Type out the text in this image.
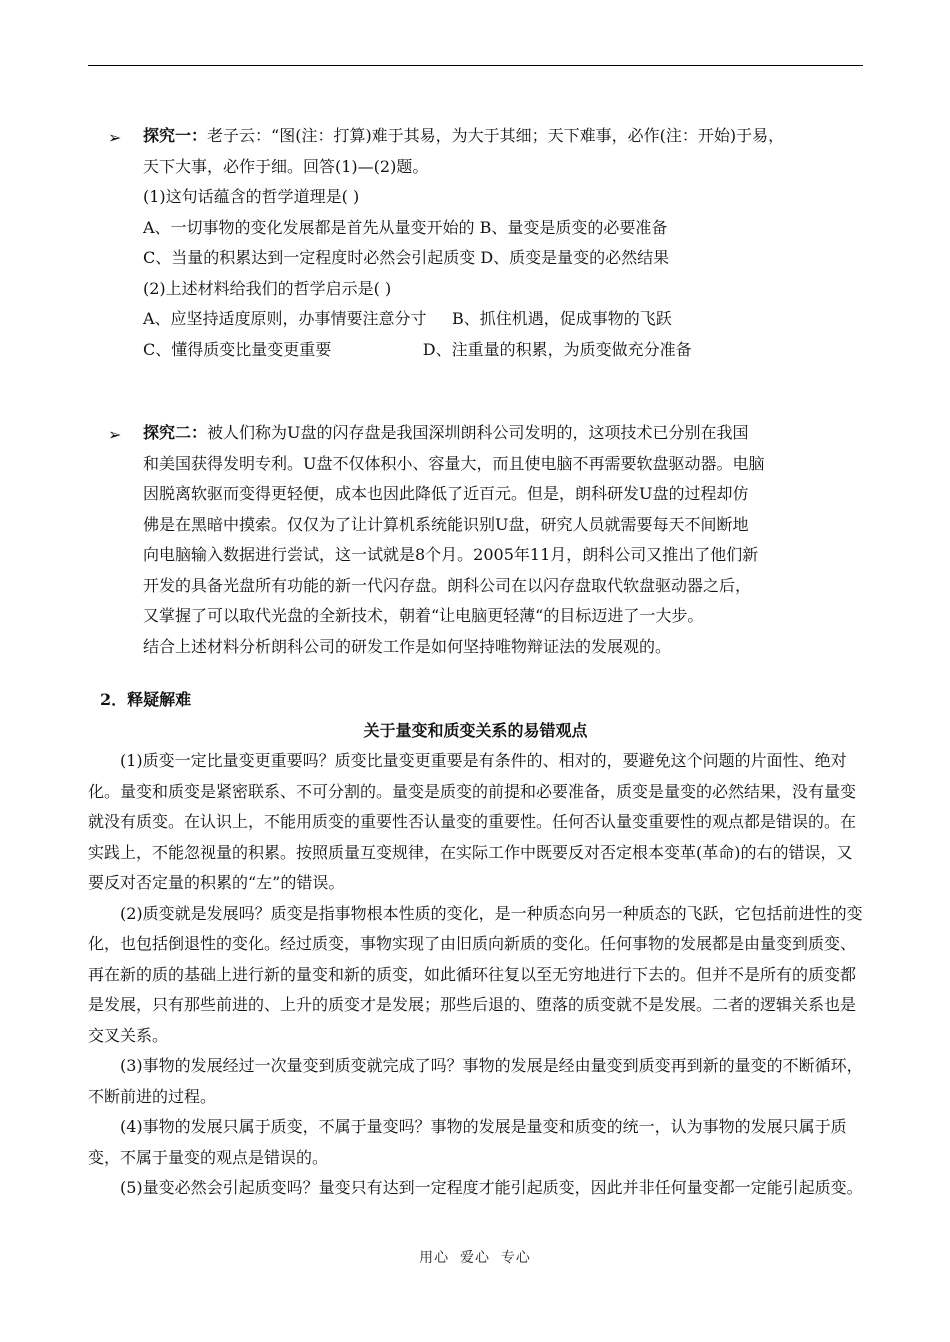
➢ 探究一：老子云：“图(注：打算)难于其易，为大于其细；天下难事，必作(注：开始)于易，
天下大事，必作于细。回答(1)—(2)题。
(1)这句话蕴含的哲学道理是( )
A、一切事物的变化发展都是首先从量变开始的 B、量变是质变的必要准备
C、当量的积累达到一定程度时必然会引起质变 D、质变是量变的必然结果
(2)上述材料给我们的哲学启示是( )
A、应坚持适度原则，办事情要注意分寸     B、抓住机遇，促成事物的飞跃
C、懂得质变比量变更重要                  D、注重量的积累，为质变做充分准备
➢ 探究二：被人们称为U盘的闪存盘是我国深圳朗科公司发明的，这项技术已分别在我国
和美国获得发明专利。U盘不仅体积小、容量大，而且使电脑不再需要软盘驱动器。电脑
因脱离软驱而变得更轻便，成本也因此降低了近百元。但是，朗科研发U盘的过程却仿
佛是在黑暗中摸索。仅仅为了让计算机系统能识别U盘，研究人员就需要每天不间断地
向电脑输入数据进行尝试，这一试就是8个月。2005年11月，朗科公司又推出了他们新
开发的具备光盘所有功能的新一代闪存盘。朗科公司在以闪存盘取代软盘驱动器之后，
又掌握了可以取代光盘的全新技术，朝着“让电脑更轻薄“的目标迈进了一大步。
结合上述材料分析朗科公司的研发工作是如何坚持唯物辩证法的发展观的。
2．释疑解难
关于量变和质变关系的易错观点

(1)质变一定比量变更重要吗？质变比量变更重要是有条件的、相对的，要避免这个问题的片面性、绝对化。量变和质变是紧密联系、不可分割的。量变是质变的前提和必要准备，质变是量变的必然结果，没有量变就没有质变。在认识上，不能用质变的重要性否认量变的重要性。任何否认量变重要性的观点都是错误的。在实践上，不能忽视量的积累。按照质量互变规律，在实际工作中既要反对否定根本变革(革命)的右的错误，又要反对否定量的积累的“左”的错误。

(2)质变就是发展吗？质变是指事物根本性质的变化，是一种质态向另一种质态的飞跃，它包括前进性的变化，也包括倒退性的变化。经过质变，事物实现了由旧质向新质的变化。任何事物的发展都是由量变到质变、再在新的质的基础上进行新的量变和新的质变，如此循环往复以至无穷地进行下去的。但并不是所有的质变都是发展，只有那些前进的、上升的质变才是发展；那些后退的、堕落的质变就不是发展。二者的逻辑关系也是交叉关系。

(3)事物的发展经过一次量变到质变就完成了吗？事物的发展是经由量变到质变再到新的量变的不断循环，不断前进的过程。

(4)事物的发展只属于质变，不属于量变吗？事物的发展是量变和质变的统一，认为事物的发展只属于质变，不属于量变的观点是错误的。

(5)量变必然会引起质变吗？量变只有达到一定程度才能引起质变，因此并非任何量变都一定能引起质变。

用心  爱心  专心
